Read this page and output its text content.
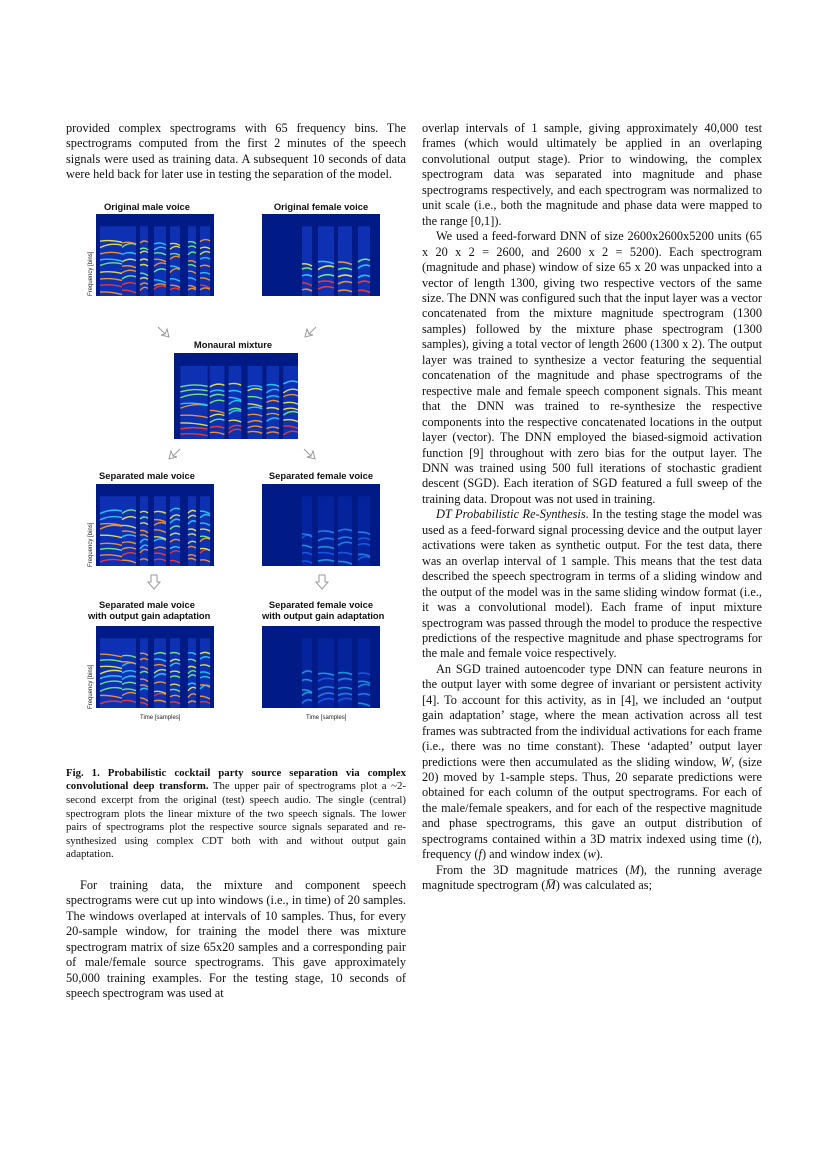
provided complex spectrograms with 65 frequency bins. The spectrograms computed from the first 2 minutes of the speech signals were used as training data. A subsequent 10 seconds of data were held back for later use in testing the separation of the model.

Original male voice	Original female voice
Frequency [bins]
Monaural mixture
Separated male voice	Separated female voice
Frequency [bins]
Separated male voice
with output gain adaptation
Separated female voice
with output gain adaptation
Frequency [bins]
Time [samples]	Time [samples]

Fig. 1. Probabilistic cocktail party source separation via complex convolutional deep transform. The upper pair of spectrograms plot a ~2-second excerpt from the original (test) speech audio. The single (central) spectrogram plots the linear mixture of the two speech signals. The lower pairs of spectrograms plot the respective source signals separated and re-synthesized using complex CDT both with and without output gain adaptation.

For training data, the mixture and component speech spectrograms were cut up into windows (i.e., in time) of 20 samples. The windows overlaped at intervals of 10 samples. Thus, for every 20-sample window, for training the model there was mixture spectrogram matrix of size 65x20 samples and a corresponding pair of male/female source spectrograms. This gave approximately 50,000 training examples. For the testing stage, 10 seconds of speech spectrogram was used at

overlap intervals of 1 sample, giving approximately 40,000 test frames (which would ultimately be applied in an overlaping convolutional output stage). Prior to windowing, the complex spectrogram data was separated into magnitude and phase spectrograms respectively, and each spectrogram was normalized to unit scale (i.e., both the magnitude and phase data were mapped to the range [0,1]).

We used a feed-forward DNN of size 2600x2600x5200 units (65 x 20 x 2 = 2600, and 2600 x 2 = 5200). Each spectrogram (magnitude and phase) window of size 65 x 20 was unpacked into a vector of length 1300, giving two respective vectors of the same size. The DNN was configured such that the input layer was a vector concatenated from the mixture magnitude spectrogram (1300 samples) followed by the mixture phase spectrogram (1300 samples), giving a total vector of length 2600 (1300 x 2). The output layer was trained to synthesize a vector featuring the sequential concatenation of the magnitude and phase spectrograms of the respective male and female speech component signals. This meant that the DNN was trained to re-synthesize the respective components into the respective concatenated locations in the output layer (vector). The DNN employed the biased-sigmoid activation function [9] throughout with zero bias for the output layer. The DNN was trained using 500 full iterations of stochastic gradient descent (SGD). Each iteration of SGD featured a full sweep of the training data. Dropout was not used in training.

DT Probabilistic Re-Synthesis. In the testing stage the model was used as a feed-forward signal processing device and the output layer activations were taken as synthetic output. For the test data, there was an overlap interval of 1 sample. This means that the test data described the speech spectrogram in terms of a sliding window and the output of the model was in the same sliding window format (i.e., it was a convolutional model). Each frame of input mixture spectrogram was passed through the model to produce the respective predictions of the respective magnitude and phase spectrograms for the male and female voice respectively.

An SGD trained autoencoder type DNN can feature neurons in the output layer with some degree of invariant or persistent activity [4]. To account for this activity, as in [4], we included an ‘output gain adaptation’ stage, where the mean activation across all test frames was subtracted from the individual activations for each frame (i.e., there was no time constant). These ‘adapted’ output layer predictions were then accumulated as the sliding window, W, (size 20) moved by 1-sample steps. Thus, 20 separate predictions were obtained for each column of the output spectrograms. For each of the male/female speakers, and for each of the respective magnitude and phase spectrograms, this gave an output distribution of spectrograms contained within a 3D matrix indexed using time (t), frequency (f) and window index (w).

From the 3D magnitude matrices (M), the running average magnitude spectrogram (M̅) was calculated as;
